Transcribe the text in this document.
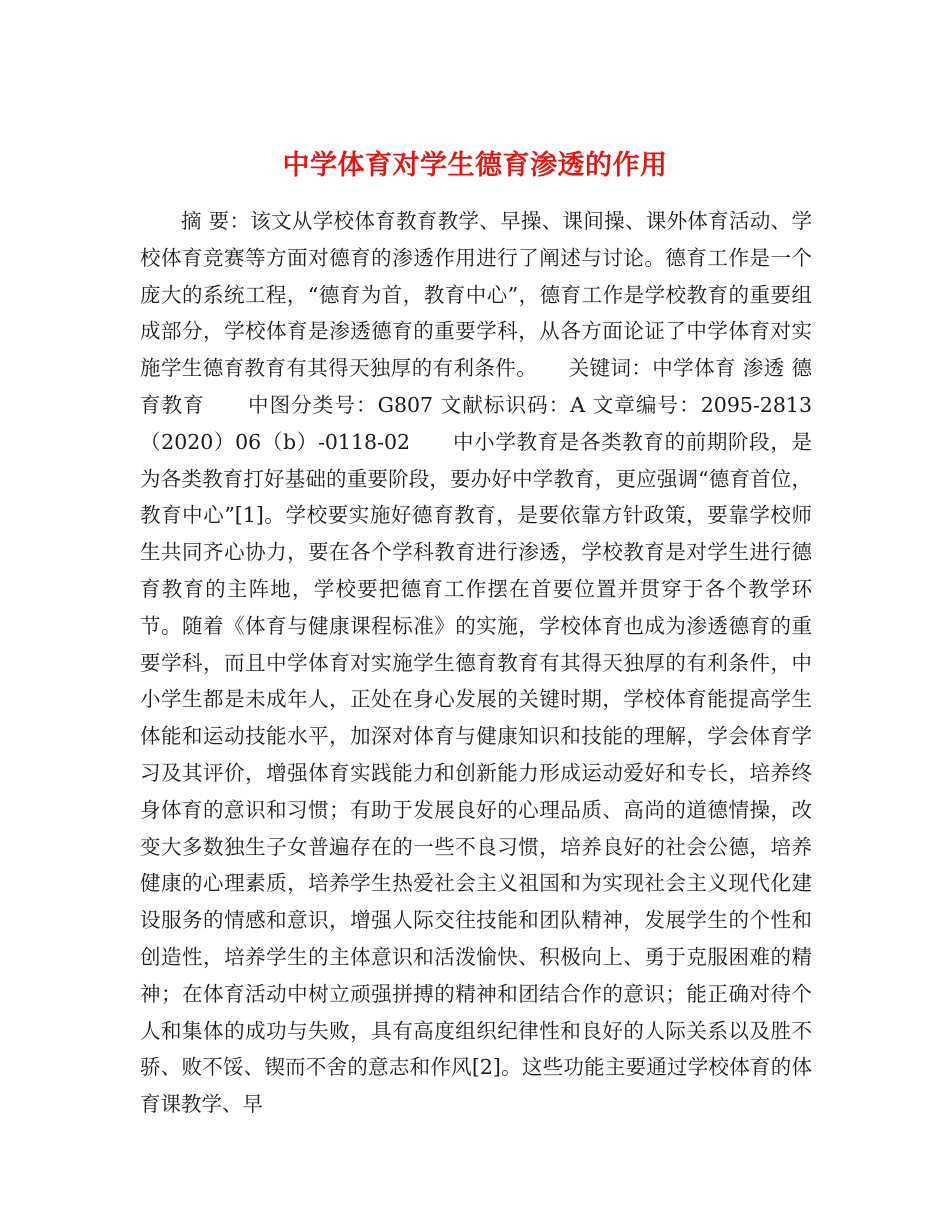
中学体育对学生德育渗透的作用

摘 要：该文从学校体育教育教学、早操、课间操、课外体育活动、学校体育竞赛等方面对德育的渗透作用进行了阐述与讨论。德育工作是一个庞大的系统工程，“德育为首，教育中心”，德育工作是学校教育的重要组成部分，学校体育是渗透德育的重要学科，从各方面论证了中学体育对实施学生德育教育有其得天独厚的有利条件。　　关键词：中学体育 渗透 德育教育　　中图分类号：G807 文献标识码：A 文章编号：2095-2813（2020）06（b）-0118-02　　中小学教育是各类教育的前期阶段，是为各类教育打好基础的重要阶段，要办好中学教育，更应强调“德育首位，教育中心”[1]。学校要实施好德育教育，是要依靠方针政策，要靠学校师生共同齐心协力，要在各个学科教育进行渗透，学校教育是对学生进行德育教育的主阵地，学校要把德育工作摆在首要位置并贯穿于各个教学环节。随着《体育与健康课程标准》的实施，学校体育也成为渗透德育的重要学科，而且中学体育对实施学生德育教育有其得天独厚的有利条件，中小学生都是未成年人，正处在身心发展的关键时期，学校体育能提高学生体能和运动技能水平，加深对体育与健康知识和技能的理解，学会体育学习及其评价，增强体育实践能力和创新能力形成运动爱好和专长，培养终身体育的意识和习惯；有助于发展良好的心理品质、高尚的道德情操，改变大多数独生子女普遍存在的一些不良习惯，培养良好的社会公德，培养健康的心理素质，培养学生热爱社会主义祖国和为实现社会主义现代化建设服务的情感和意识，增强人际交往技能和团队精神，发展学生的个性和创造性，培养学生的主体意识和活泼愉快、积极向上、勇于克服困难的精神；在体育活动中树立顽强拼搏的精神和团结合作的意识；能正确对待个人和集体的成功与失败，具有高度组织纪律性和良好的人际关系以及胜不骄、败不馁、锲而不舍的意志和作风[2]。这些功能主要通过学校体育的体育课教学、早
